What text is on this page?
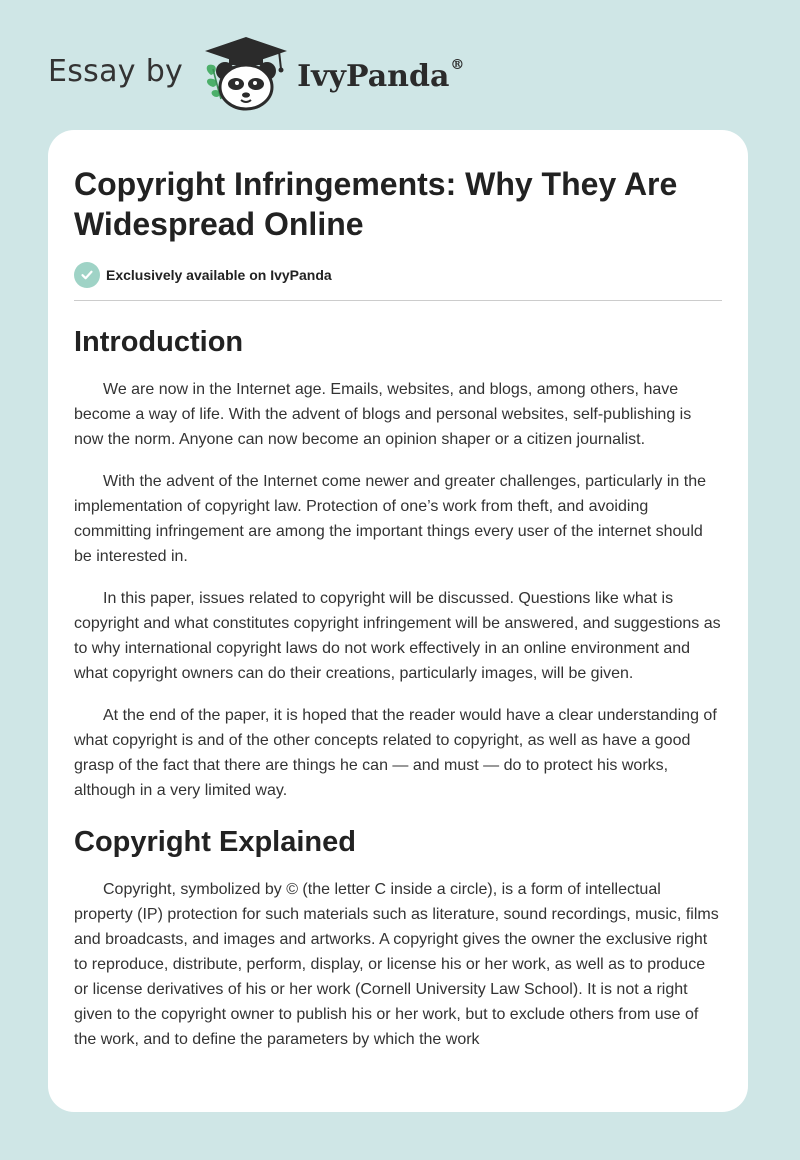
Essay by	IvyPanda®
Copyright Infringements: Why They Are Widespread Online
Exclusively available on IvyPanda
Introduction

We are now in the Internet age. Emails, websites, and blogs, among others, have become a way of life. With the advent of blogs and personal websites, self-publishing is now the norm. Anyone can now become an opinion shaper or a citizen journalist.

With the advent of the Internet come newer and greater challenges, particularly in the implementation of copyright law. Protection of one’s work from theft, and avoiding committing infringement are among the important things every user of the internet should be interested in.

In this paper, issues related to copyright will be discussed. Questions like what is copyright and what constitutes copyright infringement will be answered, and suggestions as to why international copyright laws do not work effectively in an online environment and what copyright owners can do their creations, particularly images, will be given.

At the end of the paper, it is hoped that the reader would have a clear understanding of what copyright is and of the other concepts related to copyright, as well as have a good grasp of the fact that there are things he can — and must — do to protect his works, although in a very limited way.

Copyright Explained

Copyright, symbolized by © (the letter C inside a circle), is a form of intellectual property (IP) protection for such materials such as literature, sound recordings, music, films and broadcasts, and images and artworks. A copyright gives the owner the exclusive right to reproduce, distribute, perform, display, or license his or her work, as well as to produce or license derivatives of his or her work (Cornell University Law School). It is not a right given to the copyright owner to publish his or her work, but to exclude others from use of the work, and to define the parameters by which the work
